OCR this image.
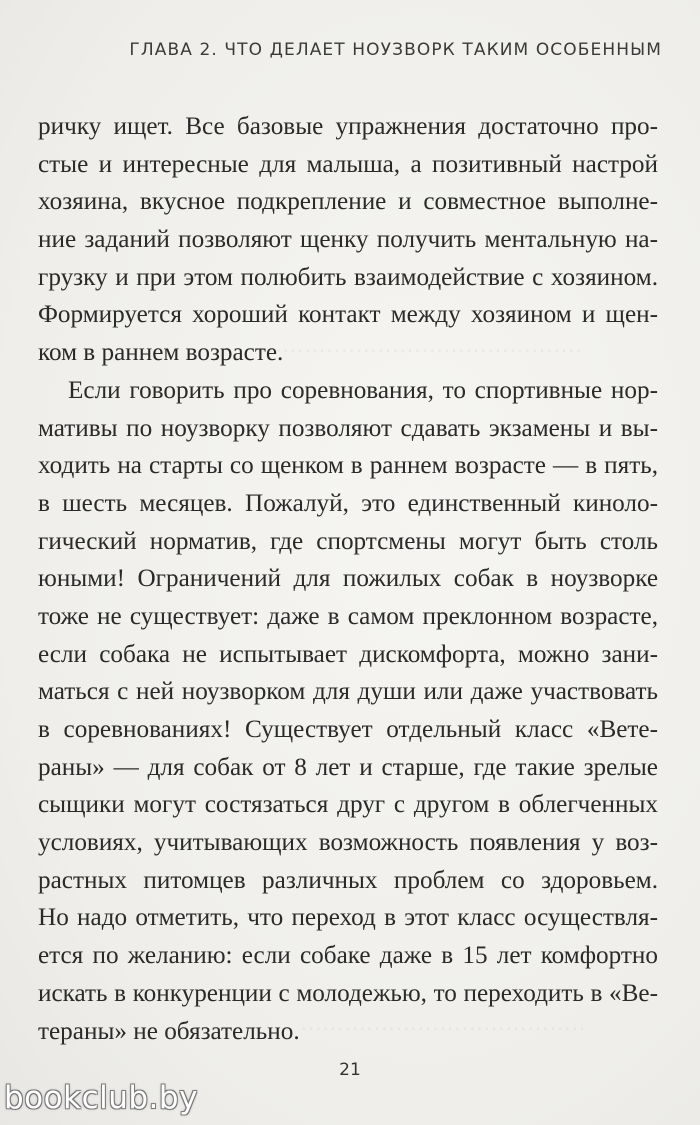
············································
·······································
ГЛАВА 2. ЧТО ДЕЛАЕТ НОУЗВОРК ТАКИМ ОСОБЕННЫМ
ричку ищет. Все базовые упражнения достаточно про-
стые и интересные для малыша, а позитивный настрой
хозяина, вкусное подкрепление и совместное выполне-
ние заданий позволяют щенку получить ментальную на-
грузку и при этом полюбить взаимодействие с хозяином.
Формируется хороший контакт между хозяином и щен-
ком в раннем возрасте.
Если говорить про соревнования, то спортивные нор-
мативы по ноузворку позволяют сдавать экзамены и вы-
ходить на старты со щенком в раннем возрасте — в пять,
в шесть месяцев. Пожалуй, это единственный киноло-
гический норматив, где спортсмены могут быть столь
юными! Ограничений для пожилых собак в ноузворке
тоже не существует: даже в самом преклонном возрасте,
если собака не испытывает дискомфорта, можно зани-
маться с ней ноузворком для души или даже участвовать
в соревнованиях! Существует отдельный класс «Вете-
раны» — для собак от 8 лет и старше, где такие зрелые
сыщики могут состязаться друг с другом в облегченных
условиях, учитывающих возможность появления у воз-
растных питомцев различных проблем со здоровьем.
Но надо отметить, что переход в этот класс осуществля-
ется по желанию: если собаке даже в 15 лет комфортно
искать в конкуренции с молодежью, то переходить в «Ве-
тераны» не обязательно.
21
bookclub.by
